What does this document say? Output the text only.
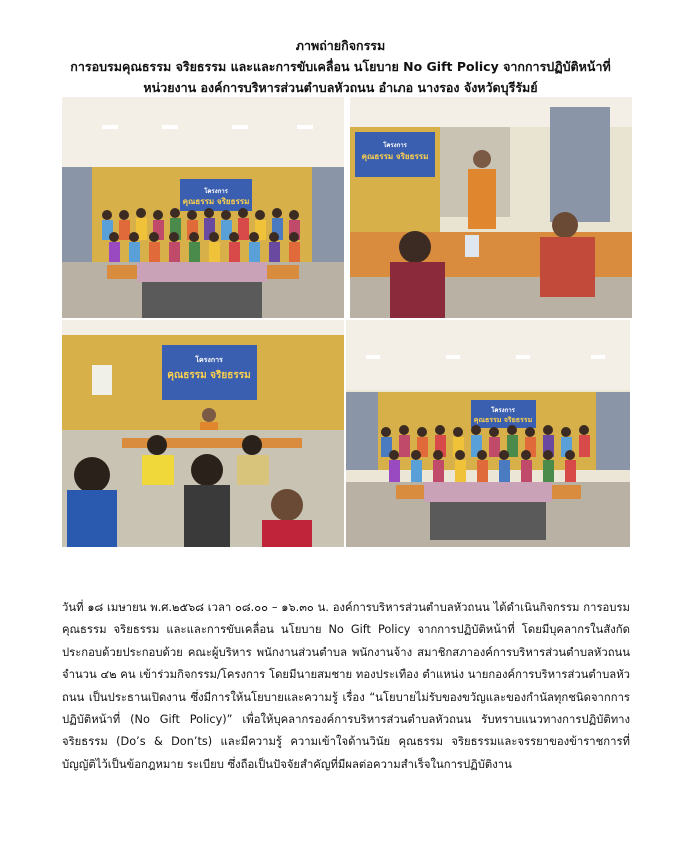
ภาพถ่ายกิจกรรม
การอบรมคุณธรรม จริยธรรม และและการขับเคลื่อน นโยบาย No Gift Policy จากการปฏิบัติหน้าที่
หน่วยงาน องค์การบริหารส่วนตำบลหัวถนน อำเภอ นางรอง จังหวัดบุรีรัมย์
โครงการ
คุณธรรม จริยธรรม
โครงการ
คุณธรรม จริยธรรม
โครงการ
คุณธรรม จริยธรรม
โครงการ
คุณธรรม จริยธรรม
วันที่ ๑๘ เมษายน พ.ศ.๒๕๖๘ เวลา ๐๘.๐๐ – ๑๖.๓๐ น. องค์การบริหารส่วนตำบลหัวถนน ได้ดำเนินกิจกรรม การอบรมคุณธรรม จริยธรรม และและการขับเคลื่อน นโยบาย No Gift Policy จากการปฏิบัติหน้าที่ โดยมีบุคลากรในสังกัดประกอบด้วยประกอบด้วย คณะผู้บริหาร พนักงานส่วนตำบล พนักงานจ้าง สมาชิกสภาองค์การบริหารส่วนตำบลหัวถนน จำนวน ๔๒ คน เข้าร่วมกิจกรรม/โครงการ โดยมีนายสมชาย ทองประเทือง ตำแหน่ง นายกองค์การบริหารส่วนตำบลหัวถนน เป็นประธานเปิดงาน ซึ่งมีการให้นโยบายและความรู้ เรื่อง “นโยบายไม่รับของขวัญและของกำนัลทุกชนิดจากการปฏิบัติหน้าที่ (No Gift Policy)” เพื่อให้บุคลากรองค์การบริหารส่วนตำบลหัวถนน รับทราบแนวทางการปฏิบัติทางจริยธรรม (Do’s & Don’ts) และมีความรู้ ความเข้าใจด้านวินัย คุณธรรม จริยธรรมและจรรยาของข้าราชการที่บัญญัติไว้เป็นข้อกฎหมาย ระเบียบ ซึ่งถือเป็นปัจจัยสำคัญที่มีผลต่อความสำเร็จในการปฏิบัติงาน
